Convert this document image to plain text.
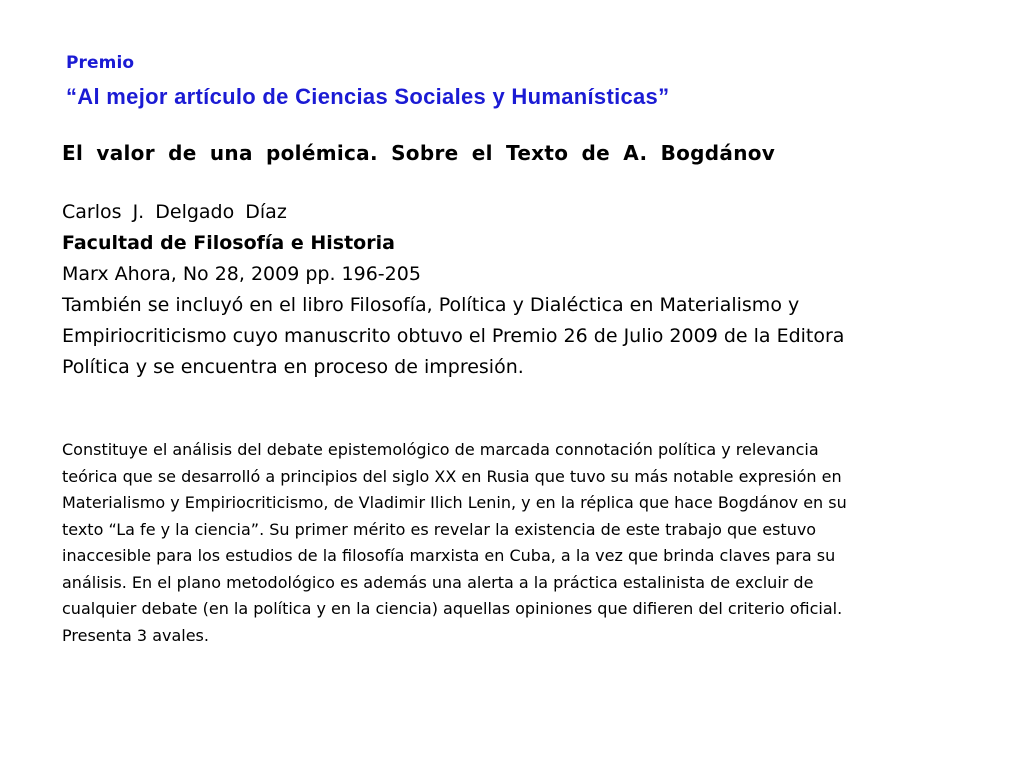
Premio
“Al mejor artículo de Ciencias Sociales y Humanísticas”
El valor de una polémica. Sobre el Texto de A. Bogdánov
Carlos J. Delgado Díaz
Facultad de Filosofía e Historia
Marx Ahora, No 28, 2009 pp. 196-205
También se incluyó en el libro Filosofía, Política y Dialéctica en Materialismo y
Empiriocriticismo cuyo manuscrito obtuvo el Premio 26 de Julio 2009 de la Editora
Política y se encuentra en proceso de impresión.
Constituye el análisis del debate epistemológico de marcada connotación política y relevancia
teórica que se desarrolló a principios del siglo XX en Rusia que tuvo su más notable expresión en
Materialismo y Empiriocriticismo, de Vladimir Ilich Lenin, y en la réplica que hace Bogdánov en su
texto “La fe y la ciencia”. Su primer mérito es revelar la existencia de este trabajo que estuvo
inaccesible para los estudios de la filosofía marxista en Cuba, a la vez que brinda claves para su
análisis. En el plano metodológico es además una alerta a la práctica estalinista de excluir de
cualquier debate (en la política y en la ciencia) aquellas opiniones que difieren del criterio oficial.
Presenta 3 avales.
